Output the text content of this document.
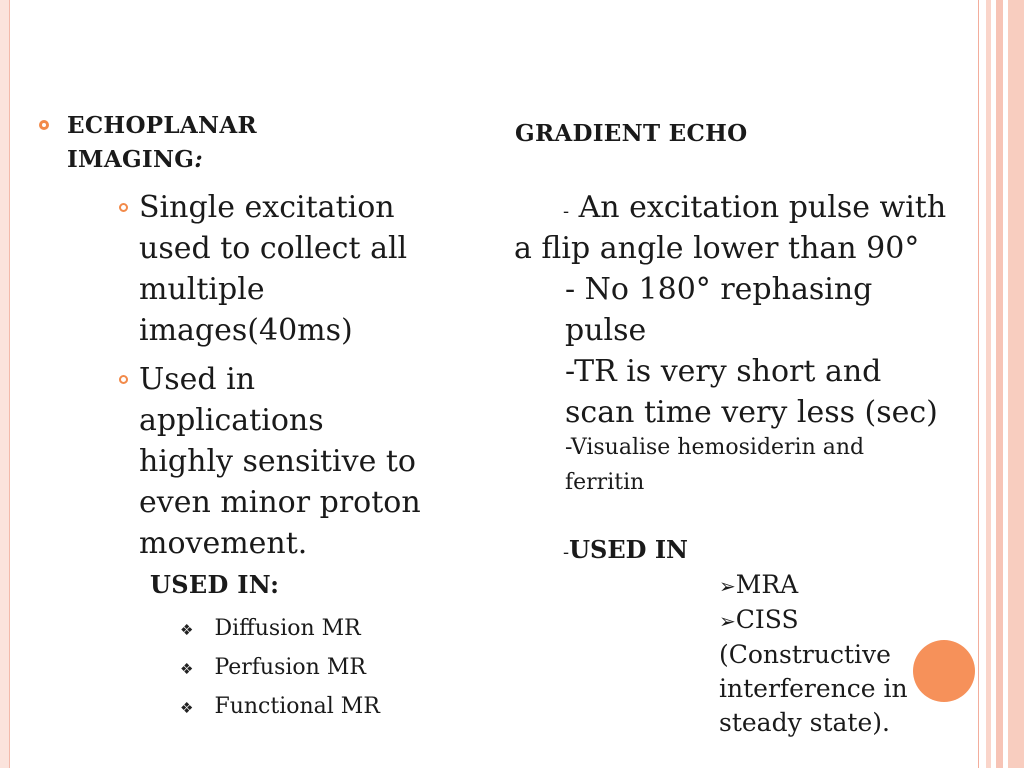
ECHOPLANAR
IMAGING:
Single excitation
used to collect all
multiple
images(40ms)
Used in
applications
highly sensitive to
even minor proton
movement.
USED IN:
❖ Diffusion MR
❖ Perfusion MR
❖ Functional MR
GRADIENT ECHO
- An excitation pulse with
a flip angle lower than 90°
- No 180° rephasing
pulse
-TR is very short and
scan time very less (sec)
-Visualise hemosiderin and
ferritin
-USED IN
➢MRA
➢CISS
(Constructive
interference in
steady state).
